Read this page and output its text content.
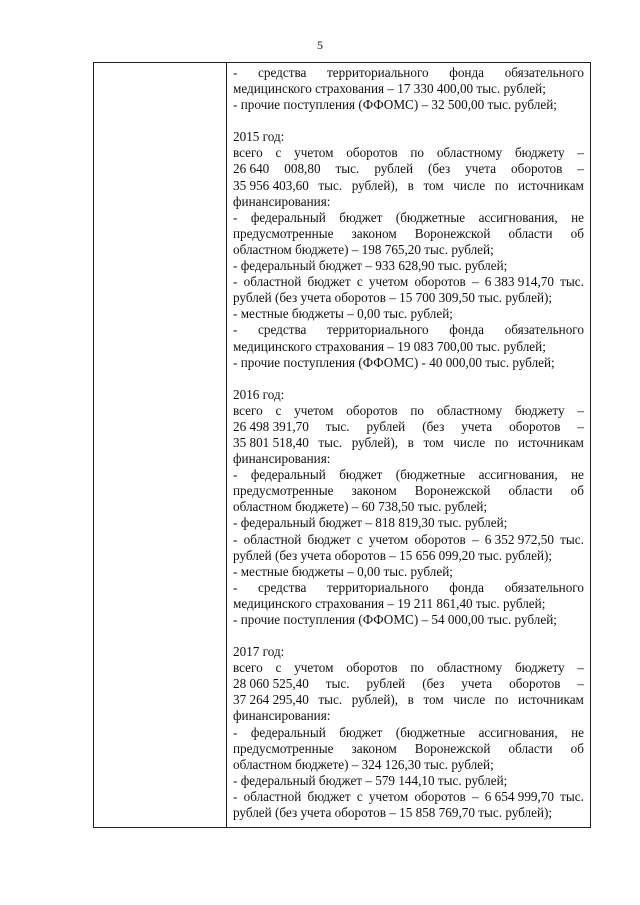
5
- средства территориального фонда обязательного
медицинского страхования – 17 330 400,00 тыс. рублей;
- прочие поступления (ФФОМС) – 32 500,00 тыс. рублей;
2015 год:
всего с учетом оборотов по областному бюджету –
26 640 008,80 тыс. рублей (без учета оборотов –
35 956 403,60 тыс. рублей), в том числе по источникам
финансирования:
- федеральный бюджет (бюджетные ассигнования, не
предусмотренные законом Воронежской области об
областном бюджете) – 198 765,20 тыс. рублей;
- федеральный бюджет – 933 628,90 тыс. рублей;
- областной бюджет с учетом оборотов – 6 383 914,70 тыс.
рублей (без учета оборотов – 15 700 309,50 тыс. рублей);
- местные бюджеты – 0,00 тыс. рублей;
- средства территориального фонда обязательного
медицинского страхования – 19 083 700,00 тыс. рублей;
- прочие поступления (ФФОМС) - 40 000,00 тыс. рублей;
2016 год:
всего с учетом оборотов по областному бюджету –
26 498 391,70 тыс. рублей (без учета оборотов –
35 801 518,40 тыс. рублей), в том числе по источникам
финансирования:
- федеральный бюджет (бюджетные ассигнования, не
предусмотренные законом Воронежской области об
областном бюджете) – 60 738,50 тыс. рублей;
- федеральный бюджет – 818 819,30 тыс. рублей;
- областной бюджет с учетом оборотов – 6 352 972,50 тыс.
рублей (без учета оборотов – 15 656 099,20 тыс. рублей);
- местные бюджеты – 0,00 тыс. рублей;
- средства территориального фонда обязательного
медицинского страхования – 19 211 861,40 тыс. рублей;
- прочие поступления (ФФОМС) – 54 000,00 тыс. рублей;
2017 год:
всего с учетом оборотов по областному бюджету –
28 060 525,40 тыс. рублей (без учета оборотов –
37 264 295,40 тыс. рублей), в том числе по источникам
финансирования:
- федеральный бюджет (бюджетные ассигнования, не
предусмотренные законом Воронежской области об
областном бюджете) – 324 126,30 тыс. рублей;
- федеральный бюджет – 579 144,10 тыс. рублей;
- областной бюджет с учетом оборотов – 6 654 999,70 тыс.
рублей (без учета оборотов – 15 858 769,70 тыс. рублей);
